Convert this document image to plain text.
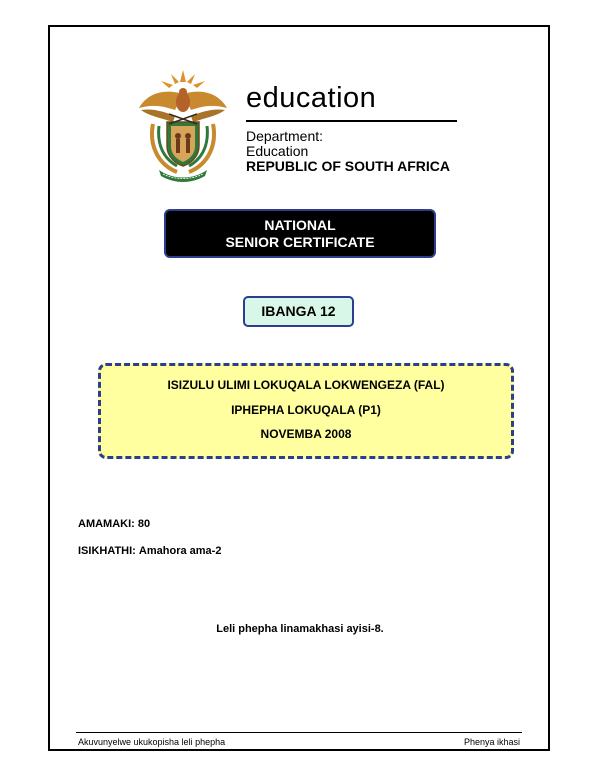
education
Department:
Education
REPUBLIC OF SOUTH AFRICA
NATIONAL
SENIOR CERTIFICATE
IBANGA 12
ISIZULU ULIMI LOKUQALA LOKWENGEZA (FAL)
IPHEPHA LOKUQALA (P1)
NOVEMBA 2008
AMAMAKI: 80
ISIKHATHI: Amahora ama-2
Leli phepha linamakhasi ayisi-8.
Akuvunyelwe ukukopisha leli phepha	Phenya ikhasi
